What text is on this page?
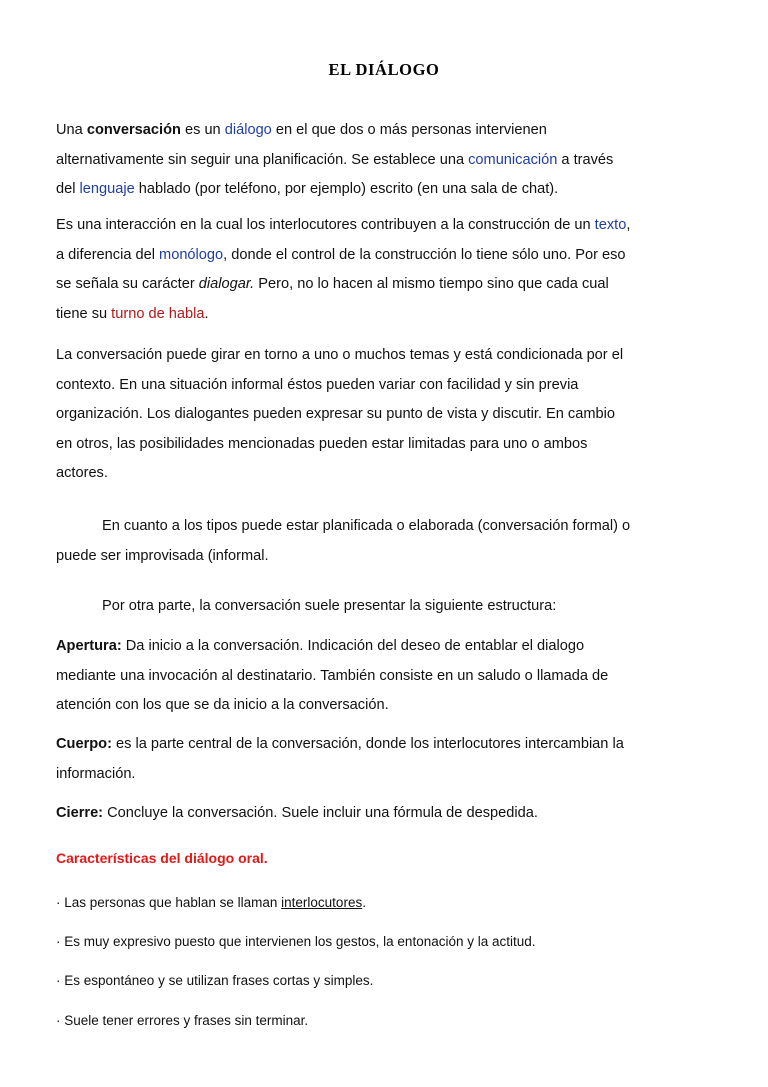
EL DIÁLOGO
Una conversación es un diálogo en el que dos o más personas intervienen
alternativamente sin seguir una planificación. Se establece una comunicación a través
del lenguaje hablado (por teléfono, por ejemplo) escrito (en una sala de chat).
Es una interacción en la cual los interlocutores contribuyen a la construcción de un texto,
a diferencia del monólogo, donde el control de la construcción lo tiene sólo uno. Por eso
se señala su carácter dialogar. Pero, no lo hacen al mismo tiempo sino que cada cual
tiene su turno de habla.
La conversación puede girar en torno a uno o muchos temas y está condicionada por el
contexto. En una situación informal éstos pueden variar con facilidad y sin previa
organización. Los dialogantes pueden expresar su punto de vista y discutir. En cambio
en otros, las posibilidades mencionadas pueden estar limitadas para uno o ambos
actores.
En cuanto a los tipos puede estar planificada o elaborada (conversación formal) o
puede ser improvisada (informal.
Por otra parte, la conversación suele presentar la siguiente estructura:
Apertura: Da inicio a la conversación. Indicación del deseo de entablar el dialogo
mediante una invocación al destinatario. También consiste en un saludo o llamada de
atención con los que se da inicio a la conversación.
Cuerpo: es la parte central de la conversación, donde los interlocutores intercambian la
información.
Cierre: Concluye la conversación. Suele incluir una fórmula de despedida.
Características del diálogo oral.
· Las personas que hablan se llaman interlocutores.
· Es muy expresivo puesto que intervienen los gestos, la entonación y la actitud.
· Es espontáneo y se utilizan frases cortas y simples.
· Suele tener errores y frases sin terminar.
